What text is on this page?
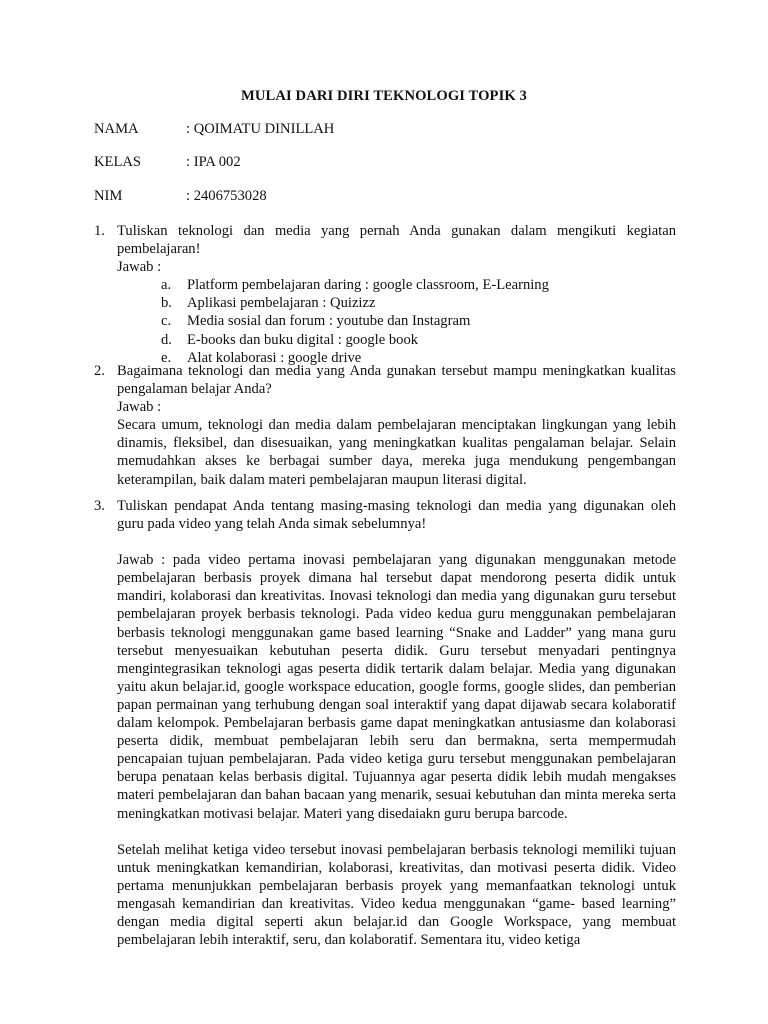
MULAI DARI DIRI TEKNOLOGI TOPIK 3
NAMA	: QOIMATU DINILLAH
KELAS	: IPA 002
NIM	: 2406753028
1. Tuliskan teknologi dan media yang pernah Anda gunakan dalam mengikuti kegiatan pembelajaran!
Jawab :
a. Platform pembelajaran daring : google classroom, E-Learning
b. Aplikasi pembelajaran : Quizizz
c. Media sosial dan forum : youtube dan Instagram
d. E-books dan buku digital : google book
e. Alat kolaborasi : google drive
2. Bagaimana teknologi dan media yang Anda gunakan tersebut mampu meningkatkan kualitas pengalaman belajar Anda?
Jawab :
Secara umum, teknologi dan media dalam pembelajaran menciptakan lingkungan yang lebih dinamis, fleksibel, dan disesuaikan, yang meningkatkan kualitas pengalaman belajar. Selain memudahkan akses ke berbagai sumber daya, mereka juga mendukung pengembangan keterampilan, baik dalam materi pembelajaran maupun literasi digital.
3. Tuliskan pendapat Anda tentang masing-masing teknologi dan media yang digunakan oleh guru pada video yang telah Anda simak sebelumnya!
Jawab : pada video pertama inovasi pembelajaran yang digunakan menggunakan metode pembelajaran berbasis proyek dimana hal tersebut dapat mendorong peserta didik untuk mandiri, kolaborasi dan kreativitas. Inovasi teknologi dan media yang digunakan guru tersebut pembelajaran proyek berbasis teknologi. Pada video kedua guru menggunakan pembelajaran berbasis teknologi menggunakan game based learning “Snake and Ladder” yang mana guru tersebut menyesuaikan kebutuhan peserta didik. Guru tersebut menyadari pentingnya mengintegrasikan teknologi agas peserta didik tertarik dalam belajar. Media yang digunakan yaitu akun belajar.id, google workspace education, google forms, google slides, dan pemberian papan permainan yang terhubung dengan soal interaktif yang dapat dijawab secara kolaboratif dalam kelompok. Pembelajaran berbasis game dapat meningkatkan antusiasme dan kolaborasi peserta didik, membuat pembelajaran lebih seru dan bermakna, serta mempermudah pencapaian tujuan pembelajaran. Pada video ketiga guru tersebut menggunakan pembelajaran berupa penataan kelas berbasis digital. Tujuannya agar peserta didik lebih mudah mengakses materi pembelajaran dan bahan bacaan yang menarik, sesuai kebutuhan dan minta mereka serta meningkatkan motivasi belajar. Materi yang disedaiakn guru berupa barcode.
Setelah melihat ketiga video tersebut inovasi pembelajaran berbasis teknologi memiliki tujuan untuk meningkatkan kemandirian, kolaborasi, kreativitas, dan motivasi peserta didik. Video pertama menunjukkan pembelajaran berbasis proyek yang memanfaatkan teknologi untuk mengasah kemandirian dan kreativitas. Video kedua menggunakan “game- based learning” dengan media digital seperti akun belajar.id dan Google Workspace, yang membuat pembelajaran lebih interaktif, seru, dan kolaboratif. Sementara itu, video ketiga
